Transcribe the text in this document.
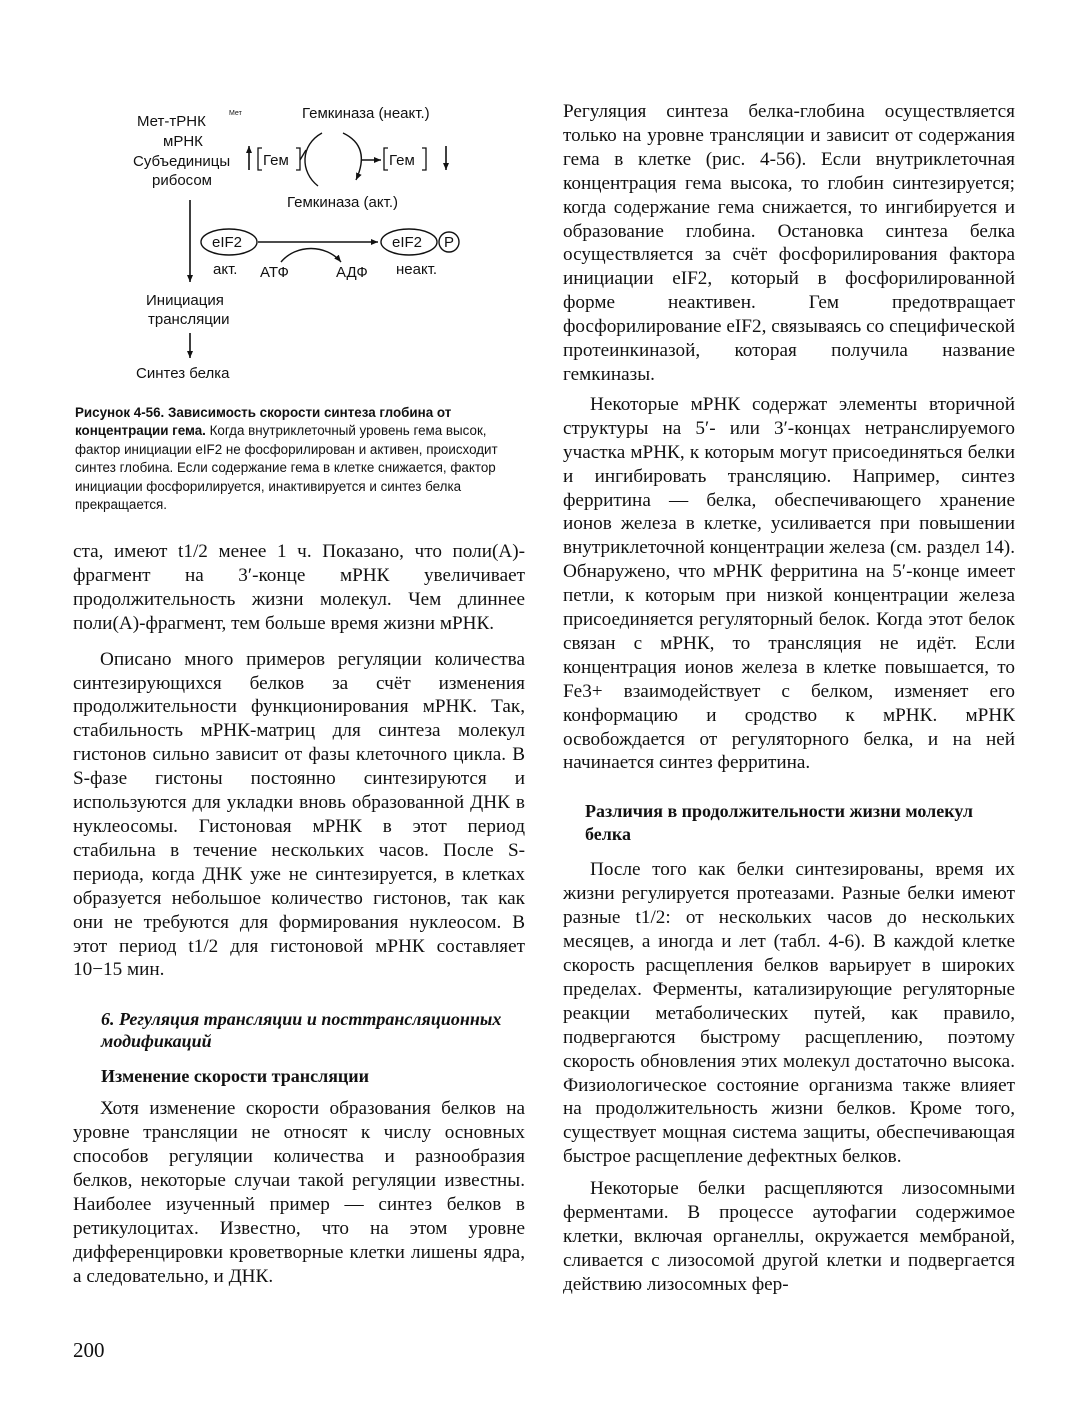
Мет-тРНК	Мет
мРНК
Субъединицы
рибосом
Гем
Гемкиназа (неакт.)
Гемкиназа (акт.)
Гем
eIF2
акт. АТФ	АДФ
eIF2 P
неакт.
Инициация
трансляции
Синтез белка

Рисунок 4-56. Зависимость скорости синтеза глобина от концентрации гема. Когда внутриклеточный уровень гема высок, фактор инициации eIF2 не фосфорилирован и активен, происходит синтез глобина. Если содержание гема в клетке снижается, фактор инициации фосфорилируется, инактивируется и синтез белка прекращается.

ста, имеют t1/2 менее 1 ч. Показано, что поли(А)-фрагмент на 3′-конце мРНК увеличивает продолжительность жизни молекул. Чем длиннее поли(А)-фрагмент, тем больше время жизни мРНК.

Описано много примеров регуляции количества синтезирующихся белков за счёт изменения продолжительности функционирования мРНК. Так, стабильность мРНК-матриц для синтеза молекул гистонов сильно зависит от фазы клеточного цикла. В S-фазе гистоны постоянно синтезируются и используются для укладки вновь образованной ДНК в нуклеосомы. Гистоновая мРНК в этот период стабильна в течение нескольких часов. После S-периода, когда ДНК уже не синтезируется, в клетках образуется небольшое количество гистонов, так как они не требуются для формирования нуклеосом. В этот период t1/2 для гистоновой мРНК составляет 10−15 мин.

6. Регуляция трансляции и посттрансляционных модификаций
Изменение скорости трансляции

Хотя изменение скорости образования белков на уровне трансляции не относят к числу основных способов регуляции количества и разнообразия белков, некоторые случаи такой регуляции известны. Наиболее изученный пример — синтез белков в ретикулоцитах. Известно, что на этом уровне дифференцировки кроветворные клетки лишены ядра, а следовательно, и ДНК.

Регуляция синтеза белка-глобина осуществляется только на уровне трансляции и зависит от содержания гема в клетке (рис. 4-56). Если внутриклеточная концентрация гема высока, то глобин синтезируется; когда содержание гема снижается, то ингибируется и образование глобина. Остановка синтеза белка осуществляется за счёт фосфорилирования фактора инициации eIF2, который в фосфорилированной форме неактивен. Гем предотвращает фосфорилирование eIF2, связываясь со специфической протеинкиназой, которая получила название гемкиназы.

Некоторые мРНК содержат элементы вторичной структуры на 5′- или 3′-концах нетранслируемого участка мРНК, к которым могут присоединяться белки и ингибировать трансляцию. Например, синтез ферритина — белка, обеспечивающего хранение ионов железа в клетке, усиливается при повышении внутриклеточной концентрации железа (см. раздел 14). Обнаружено, что мРНК ферритина на 5′-конце имеет петли, к которым при низкой концентрации железа присоединяется регуляторный белок. Когда этот белок связан с мРНК, то трансляция не идёт. Если концентрация ионов железа в клетке повышается, то Fe3+ взаимодействует с белком, изменяет его конформацию и сродство к мРНК. мРНК освобождается от регуляторного белка, и на ней начинается синтез ферритина.

Различия в продолжительности жизни молекул белка

После того как белки синтезированы, время их жизни регулируется протеазами. Разные белки имеют разные t1/2: от нескольких часов до нескольких месяцев, а иногда и лет (табл. 4-6). В каждой клетке скорость расщепления белков варьирует в широких пределах. Ферменты, катализирующие регуляторные реакции метаболических путей, как правило, подвергаются быстрому расщеплению, поэтому скорость обновления этих молекул достаточно высока. Физиологическое состояние организма также влияет на продолжительность жизни белков. Кроме того, существует мощная система защиты, обеспечивающая быстрое расщепление дефектных белков.

Некоторые белки расщепляются лизосомными ферментами. В процессе аутофагии содержимое клетки, включая органеллы, окружается мембраной, сливается с лизосомой другой клетки и подвергается действию лизосомных фер-

200
